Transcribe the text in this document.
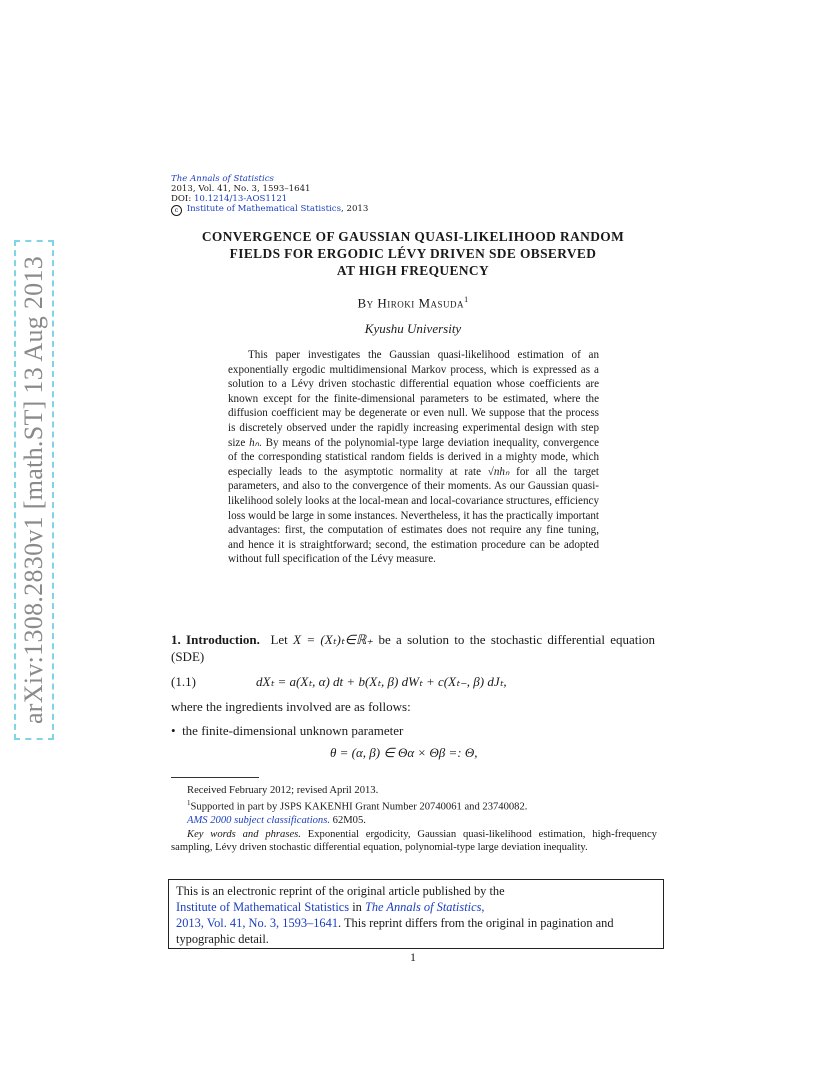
arXiv:1308.2830v1 [math.ST] 13 Aug 2013
The Annals of Statistics
2013, Vol. 41, No. 3, 1593–1641
DOI: 10.1214/13-AOS1121
c Institute of Mathematical Statistics, 2013
CONVERGENCE OF GAUSSIAN QUASI-LIKELIHOOD RANDOM
FIELDS FOR ERGODIC LÉVY DRIVEN SDE OBSERVED
AT HIGH FREQUENCY
By Hiroki Masuda$^1$
Kyushu University

This paper investigates the Gaussian quasi-likelihood estimation of an exponentially ergodic multidimensional Markov process, which is expressed as a solution to a Lévy driven stochastic differential equation whose coefficients are known except for the finite-dimensional parameters to be estimated, where the diffusion coefficient may be degenerate or even null. We suppose that the process is discretely observed under the rapidly increasing experimental design with step size hₙ. By means of the polynomial-type large deviation inequality, convergence of the corresponding statistical random fields is derived in a mighty mode, which especially leads to the asymptotic normality at rate √nhₙ for all the target parameters, and also to the convergence of their moments. As our Gaussian quasi-likelihood solely looks at the local-mean and local-covariance structures, efficiency loss would be large in some instances. Nevertheless, it has the practically important advantages: first, the computation of estimates does not require any fine tuning, and hence it is straightforward; second, the estimation procedure can be adopted without full specification of the Lévy measure.

1. Introduction. Let X = (Xₜ)ₜ∈ℝ₊ be a solution to the stochastic differential equation (SDE)

(1.1)	dXₜ = a(Xₜ, α) dt + b(Xₜ, β) dWₜ + c(Xₜ₋, β) dJₜ,
where the ingredients involved are as follows:
• the finite-dimensional unknown parameter
θ = (α, β) ∈ Θα × Θβ =: Θ,

Received February 2012; revised April 2013.

$^1$Supported in part by JSPS KAKENHI Grant Number 20740061 and 23740082.

AMS 2000 subject classifications. 62M05.

Key words and phrases. Exponential ergodicity, Gaussian quasi-likelihood estimation, high-frequency sampling, Lévy driven stochastic differential equation, polynomial-type large deviation inequality.

This is an electronic reprint of the original article published by the
Institute of Mathematical Statistics in The Annals of Statistics,
2013, Vol. 41, No. 3, 1593–1641. This reprint differs from the original in pagination and typographic detail.
1
